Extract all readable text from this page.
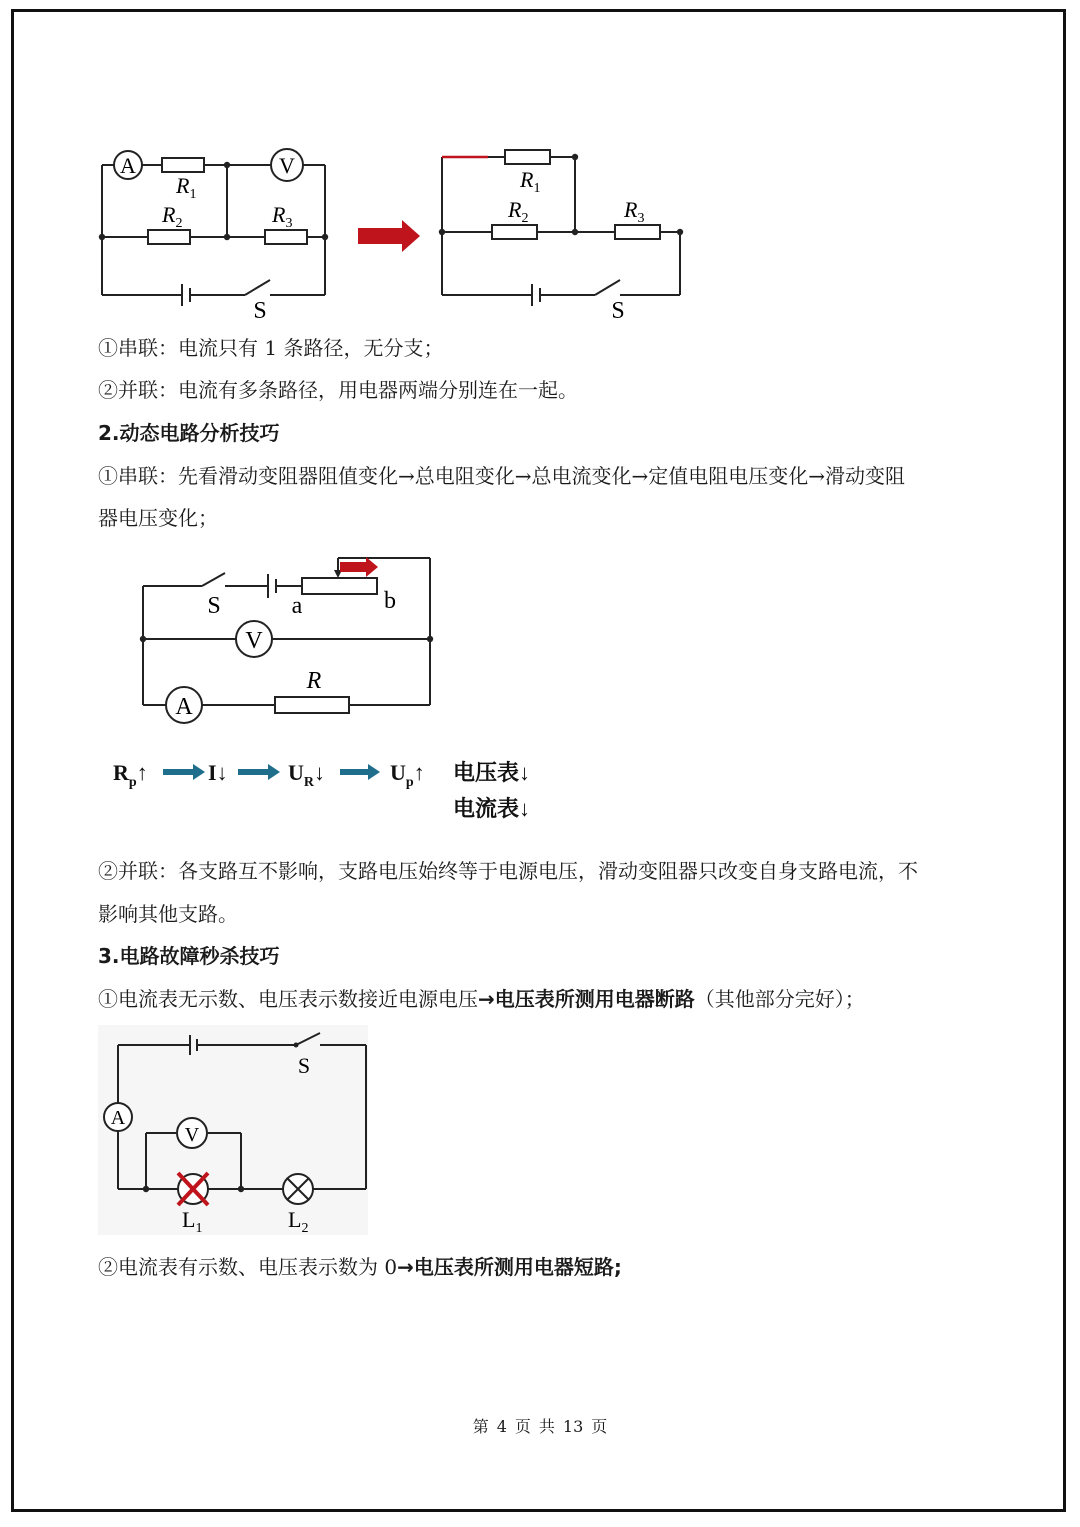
A	V
$R_1$
$R_2$	$R_3$
S
$R_1$
$R_2$	$R_3$
S
①串联：电流只有 1 条路径，无分支；
②并联：电流有多条路径，用电器两端分别连在一起。
2.动态电路分析技巧
①串联：先看滑动变阻器阻值变化→总电阻变化→总电流变化→定值电阻电压变化→滑动变阻
器电压变化；
V
A
S	a	b
R
$R_p↑$	I↓	$U_R↓$	$U_p↑$ 电压表↓
电流表↓
②并联：各支路互不影响，支路电压始终等于电源电压，滑动变阻器只改变自身支路电流，不
影响其他支路。
3.电路故障秒杀技巧
①电流表无示数、电压表示数接近电源电压→电压表所测用电器断路（其他部分完好）；
A
V
S
$L_1$	$L_2$
②电流表有示数、电压表示数为 0→电压表所测用电器短路;
第 4 页 共 13 页
